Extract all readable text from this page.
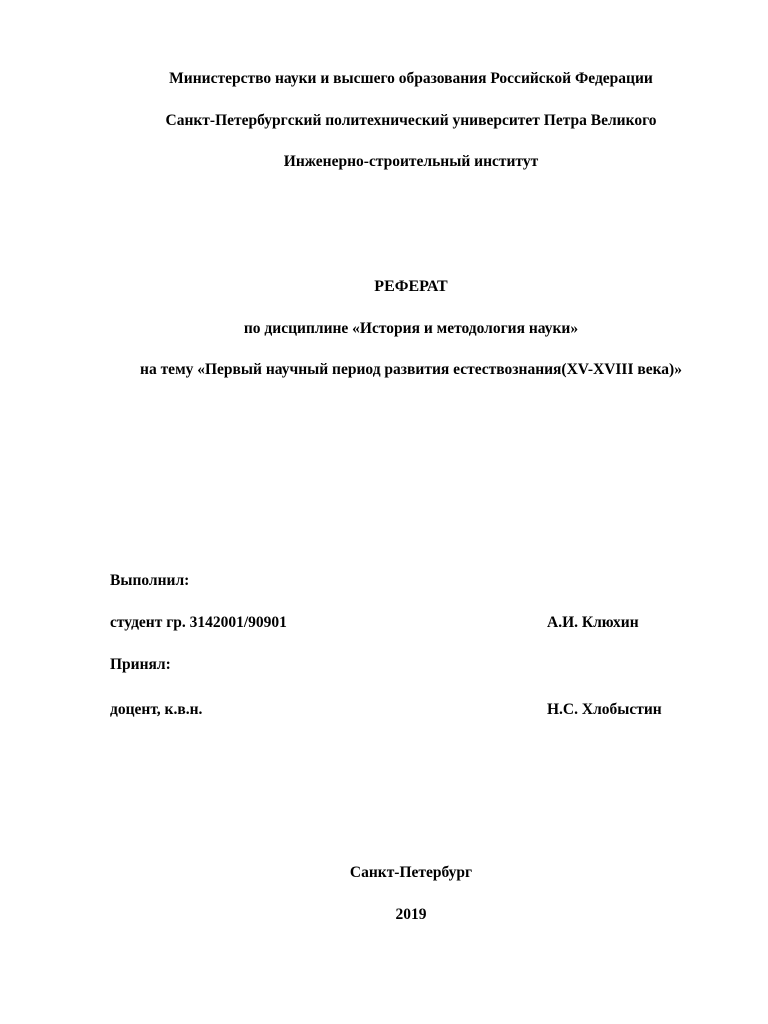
Министерство науки и высшего образования Российской Федерации
Санкт-Петербургский политехнический университет Петра Великого
Инженерно-строительный институт
РЕФЕРАТ
по дисциплине «История и методология науки»
на тему «Первый научный период развития естествознания(XV-XVIII века)»
Выполнил:
студент гр. 3142001/90901	А.И. Клюхин
Принял:
доцент, к.в.н.	Н.С. Хлобыстин
Санкт-Петербург
2019
